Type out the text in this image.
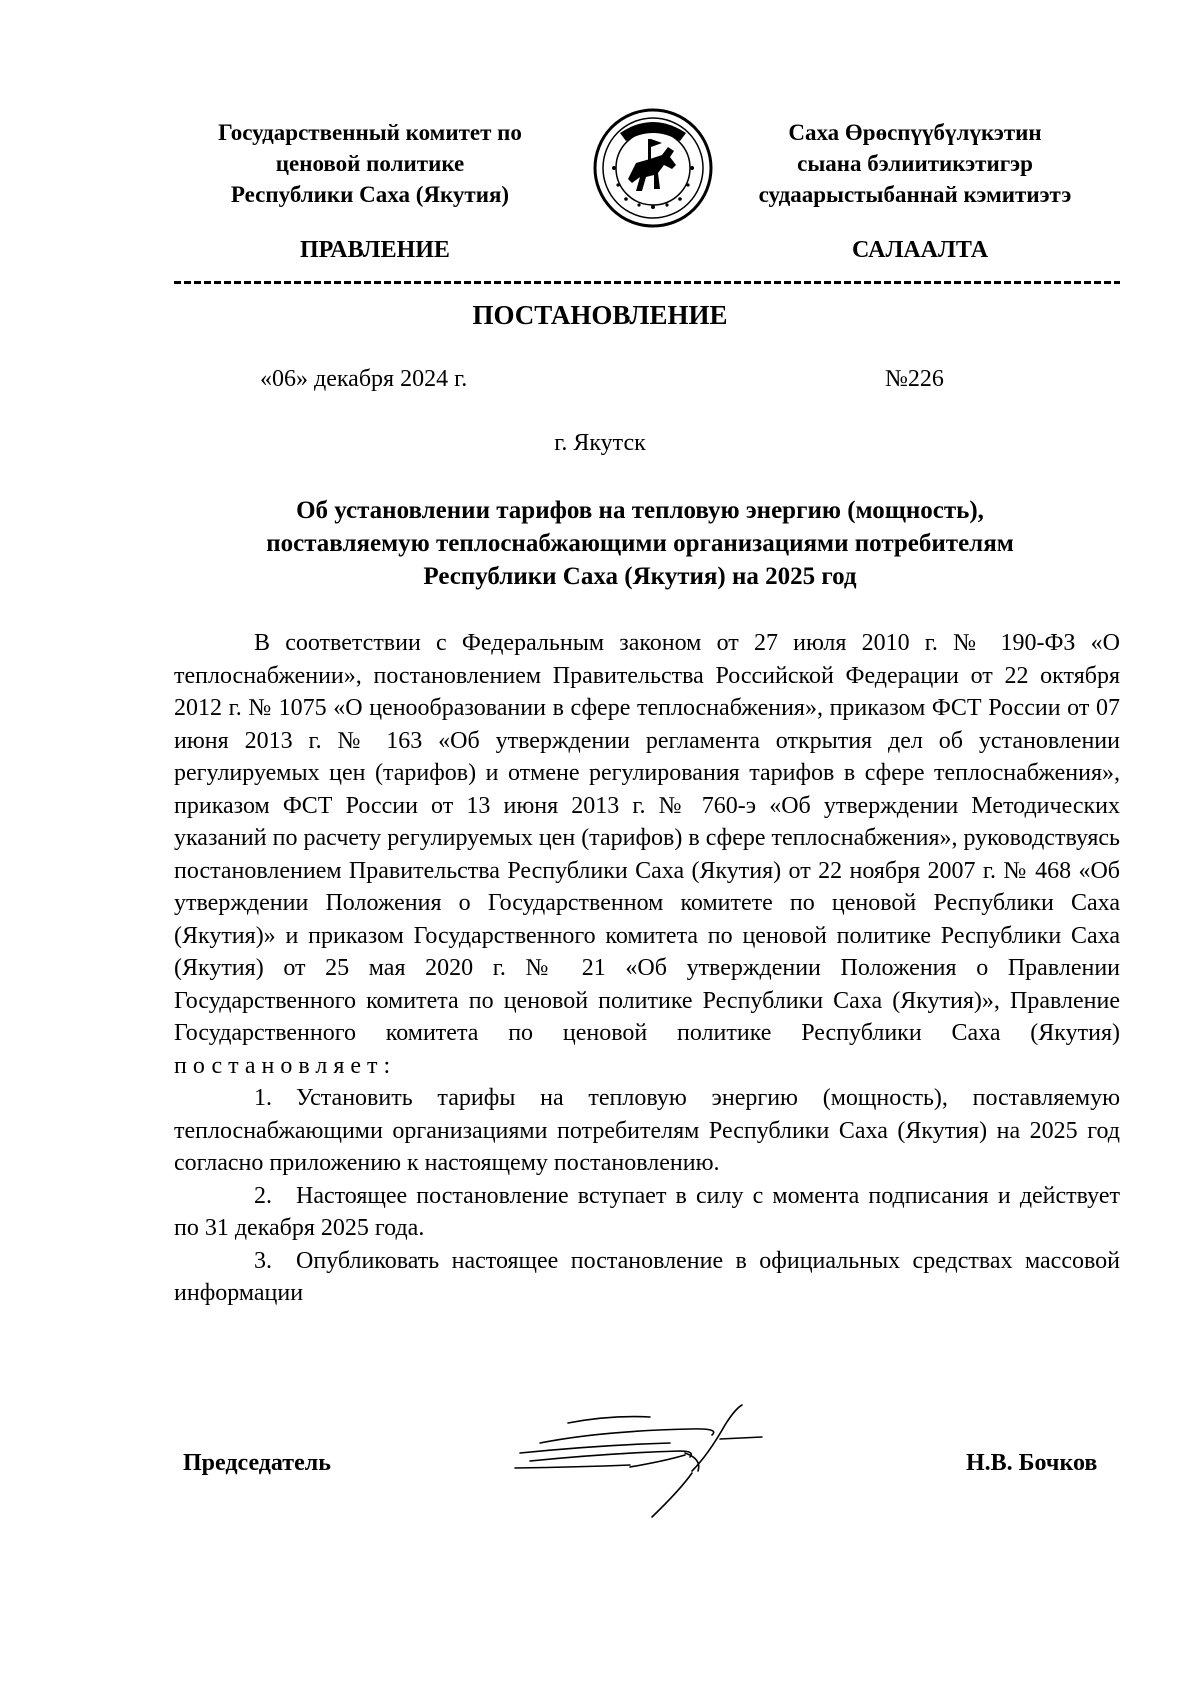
Государственный комитет по
ценовой политике
Республики Саха (Якутия)
Саха Өрөспүүбүлүкэтин
сыана бэлиитикэтигэр
судаарыстыбаннай кэмитиэтэ
ПРАВЛЕНИЕ	САЛААЛТА
ПОСТАНОВЛЕНИЕ
«06» декабря 2024 г.	№226
г. Якутск
Об установлении тарифов на тепловую энергию (мощность),
поставляемую теплоснабжающими организациями потребителям
Республики Саха (Якутия) на 2025 год

В соответствии с Федеральным законом от 27 июля 2010 г. № 190-ФЗ «О теплоснабжении», постановлением Правительства Российской Федерации от 22 октября 2012 г. № 1075 «О ценообразовании в сфере теплоснабжения», приказом ФСТ России от 07 июня 2013 г. № 163 «Об утверждении регламента открытия дел об установлении регулируемых цен (тарифов) и отмене регулирования тарифов в сфере теплоснабжения», приказом ФСТ России от 13 июня 2013 г. № 760-э «Об утверждении Методических указаний по расчету регулируемых цен (тарифов) в сфере теплоснабжения», руководствуясь постановлением Правительства Республики Саха (Якутия) от 22 ноября 2007 г. № 468 «Об утверждении Положения о Государственном комитете по ценовой Республики Саха (Якутия)» и приказом Государственного комитета по ценовой политике Республики Саха (Якутия) от 25 мая 2020 г. № 21 «Об утверждении Положения о Правлении Государственного комитета по ценовой политике Республики Саха (Якутия)», Правление Государственного комитета по ценовой политике Республики Саха (Якутия) постановляет:

1. Установить тарифы на тепловую энергию (мощность), поставляемую теплоснабжающими организациями потребителям Республики Саха (Якутия) на 2025 год согласно приложению к настоящему постановлению.

2. Настоящее постановление вступает в силу с момента подписания и действует по 31 декабря 2025 года.

3. Опубликовать настоящее постановление в официальных средствах массовой информации

Председатель	Н.В. Бочков
